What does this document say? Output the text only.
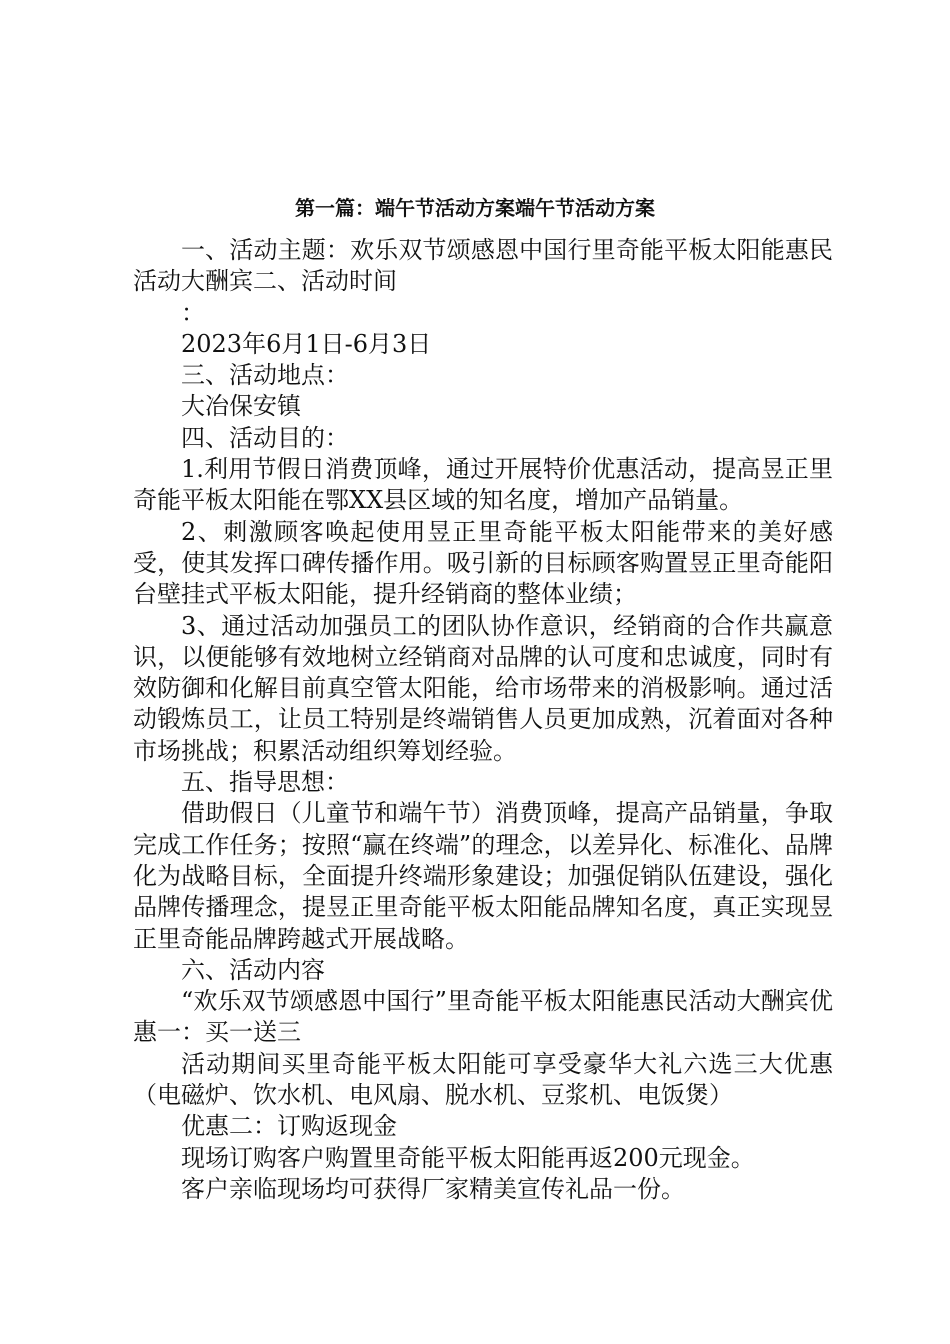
第一篇：端午节活动方案端午节活动方案

一、活动主题：欢乐双节颂感恩中国行里奇能平板太阳能惠民活动大酬宾二、活动时间

：

2023年6月1日-6月3日

三、活动地点：

大冶保安镇

四、活动目的：

1.利用节假日消费顶峰，通过开展特价优惠活动，提高昱正里奇能平板太阳能在鄂XX县区域的知名度，增加产品销量。

2、刺激顾客唤起使用昱正里奇能平板太阳能带来的美好感受，使其发挥口碑传播作用。吸引新的目标顾客购置昱正里奇能阳台壁挂式平板太阳能，提升经销商的整体业绩；

3、通过活动加强员工的团队协作意识，经销商的合作共赢意识，以便能够有效地树立经销商对品牌的认可度和忠诚度，同时有效防御和化解目前真空管太阳能，给市场带来的消极影响。通过活动锻炼员工，让员工特别是终端销售人员更加成熟，沉着面对各种市场挑战；积累活动组织筹划经验。

五、指导思想：

借助假日（儿童节和端午节）消费顶峰，提高产品销量，争取完成工作任务；按照“赢在终端”的理念，以差异化、标准化、品牌化为战略目标，全面提升终端形象建设；加强促销队伍建设，强化品牌传播理念，提昱正里奇能平板太阳能品牌知名度，真正实现昱正里奇能品牌跨越式开展战略。

六、活动内容

“欢乐双节颂感恩中国行”里奇能平板太阳能惠民活动大酬宾优惠一：买一送三

活动期间买里奇能平板太阳能可享受豪华大礼六选三大优惠（电磁炉、饮水机、电风扇、脱水机、豆浆机、电饭煲）

优惠二：订购返现金

现场订购客户购置里奇能平板太阳能再返200元现金。

客户亲临现场均可获得厂家精美宣传礼品一份。
